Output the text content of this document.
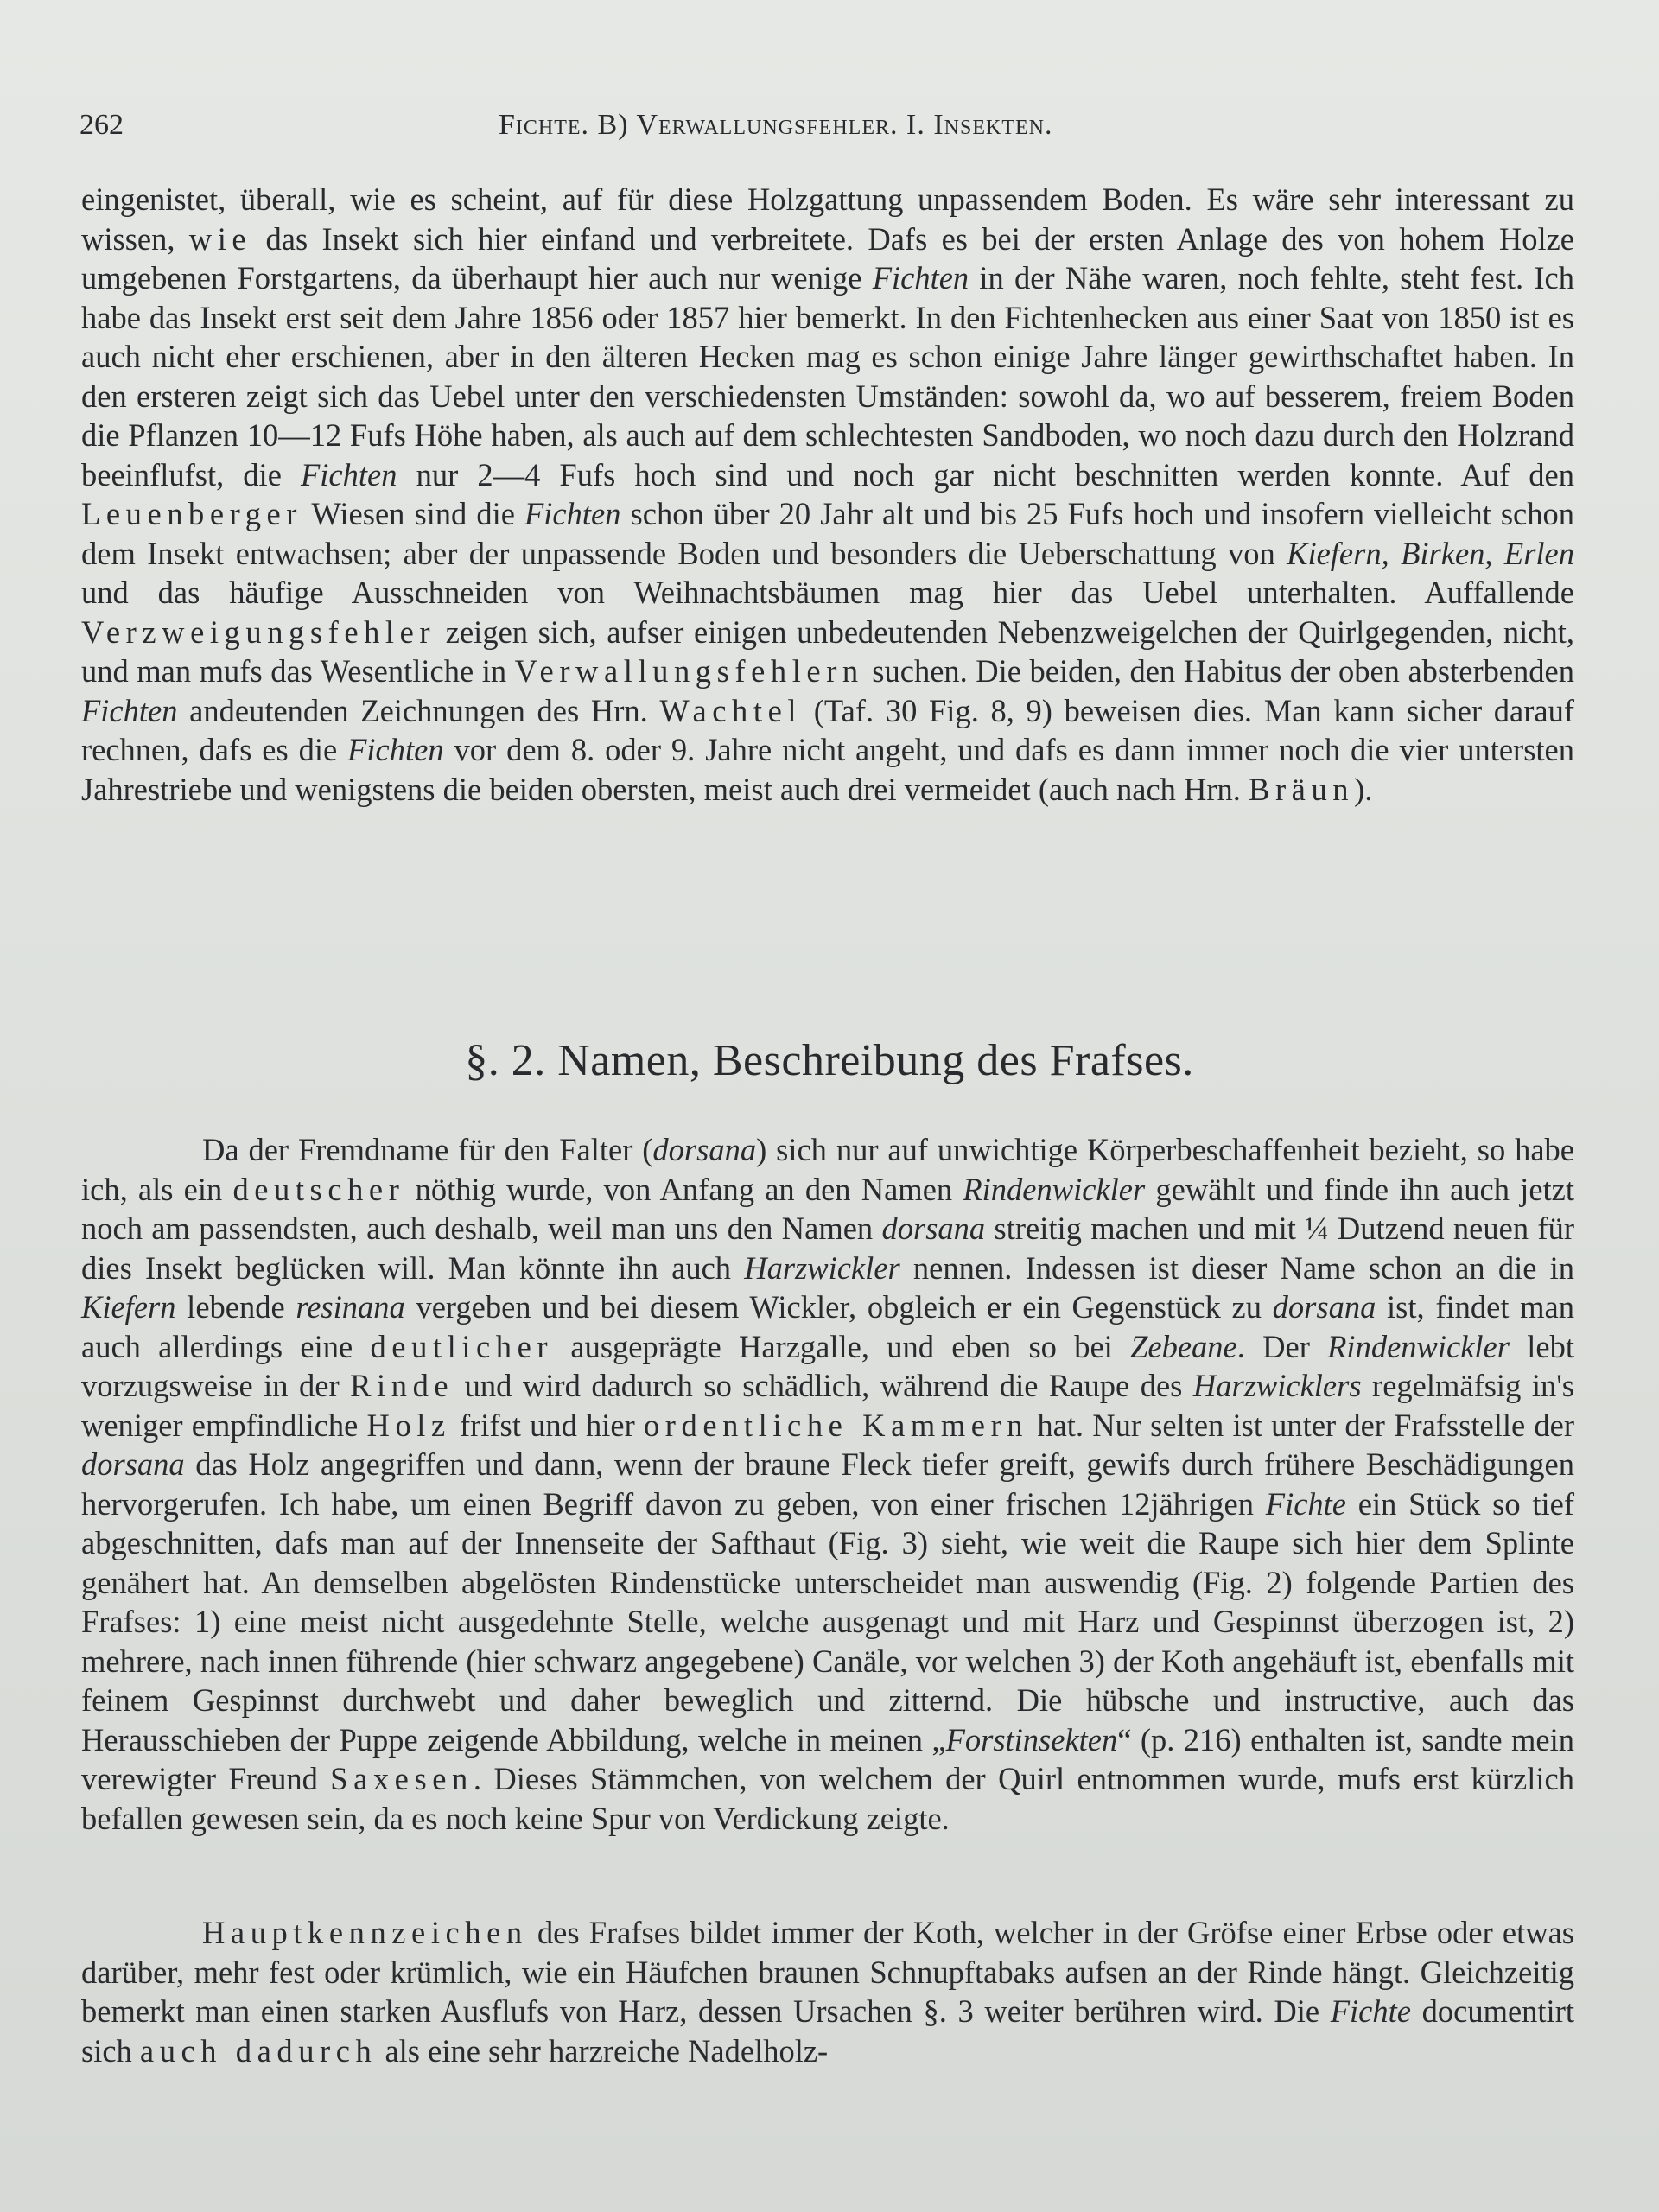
262	Fichte. B) Verwallungsfehler. I. Insekten.
eingenistet, überall, wie es scheint, auf für diese Holzgattung unpassendem Boden. Es wäre sehr interessant zu wissen, wie das Insekt sich hier einfand und verbreitete. Dafs es bei der ersten Anlage des von hohem Holze umgebenen Forstgartens, da überhaupt hier auch nur wenige Fichten in der Nähe waren, noch fehlte, steht fest. Ich habe das Insekt erst seit dem Jahre 1856 oder 1857 hier bemerkt. In den Fichtenhecken aus einer Saat von 1850 ist es auch nicht eher erschienen, aber in den älteren Hecken mag es schon einige Jahre länger gewirthschaftet haben. In den ersteren zeigt sich das Uebel unter den verschiedensten Umständen: sowohl da, wo auf besserem, freiem Boden die Pflanzen 10—12 Fufs Höhe haben, als auch auf dem schlechtesten Sandboden, wo noch dazu durch den Holzrand beeinflufst, die Fichten nur 2—4 Fufs hoch sind und noch gar nicht beschnitten werden konnte. Auf den Leuenberger Wiesen sind die Fichten schon über 20 Jahr alt und bis 25 Fufs hoch und insofern vielleicht schon dem Insekt entwachsen; aber der unpassende Boden und besonders die Ueberschattung von Kiefern, Birken, Erlen und das häufige Ausschneiden von Weihnachtsbäumen mag hier das Uebel unterhalten. Auffallende Verzweigungsfehler zeigen sich, aufser einigen unbedeutenden Nebenzweigelchen der Quirlgegenden, nicht, und man mufs das Wesentliche in Verwallungsfehlern suchen. Die beiden, den Habitus der oben absterbenden Fichten andeutenden Zeichnungen des Hrn. Wachtel (Taf. 30 Fig. 8, 9) beweisen dies. Man kann sicher darauf rechnen, dafs es die Fichten vor dem 8. oder 9. Jahre nicht angeht, und dafs es dann immer noch die vier untersten Jahrestriebe und wenigstens die beiden obersten, meist auch drei vermeidet (auch nach Hrn. Bräun).
§. 2. Namen, Beschreibung des Frafses.
Da der Fremdname für den Falter (dorsana) sich nur auf unwichtige Körperbeschaffenheit bezieht, so habe ich, als ein deutscher nöthig wurde, von Anfang an den Namen Rindenwickler gewählt und finde ihn auch jetzt noch am passendsten, auch deshalb, weil man uns den Namen dorsana streitig machen und mit ¼ Dutzend neuen für dies Insekt beglücken will. Man könnte ihn auch Harzwickler nennen. Indessen ist dieser Name schon an die in Kiefern lebende resinana vergeben und bei diesem Wickler, obgleich er ein Gegenstück zu dorsana ist, findet man auch allerdings eine deutlicher ausgeprägte Harzgalle, und eben so bei Zebeane. Der Rindenwickler lebt vorzugsweise in der Rinde und wird dadurch so schädlich, während die Raupe des Harzwicklers regelmäfsig in's weniger empfindliche Holz frifst und hier ordentliche Kammern hat. Nur selten ist unter der Frafsstelle der dorsana das Holz angegriffen und dann, wenn der braune Fleck tiefer greift, gewifs durch frühere Beschädigungen hervorgerufen. Ich habe, um einen Begriff davon zu geben, von einer frischen 12jährigen Fichte ein Stück so tief abgeschnitten, dafs man auf der Innenseite der Safthaut (Fig. 3) sieht, wie weit die Raupe sich hier dem Splinte genähert hat. An demselben abgelösten Rindenstücke unterscheidet man auswendig (Fig. 2) folgende Partien des Frafses: 1) eine meist nicht ausgedehnte Stelle, welche ausgenagt und mit Harz und Gespinnst überzogen ist, 2) mehrere, nach innen führende (hier schwarz angegebene) Canäle, vor welchen 3) der Koth angehäuft ist, ebenfalls mit feinem Gespinnst durchwebt und daher beweglich und zitternd. Die hübsche und instructive, auch das Herausschieben der Puppe zeigende Abbildung, welche in meinen „Forstinsekten“ (p. 216) enthalten ist, sandte mein verewigter Freund Saxesen. Dieses Stämmchen, von welchem der Quirl entnommen wurde, mufs erst kürzlich befallen gewesen sein, da es noch keine Spur von Verdickung zeigte.
Hauptkennzeichen des Frafses bildet immer der Koth, welcher in der Gröfse einer Erbse oder etwas darüber, mehr fest oder krümlich, wie ein Häufchen braunen Schnupftabaks aufsen an der Rinde hängt. Gleichzeitig bemerkt man einen starken Ausflufs von Harz, dessen Ursachen §. 3 weiter berühren wird. Die Fichte documentirt sich auch dadurch als eine sehr harzreiche Nadelholz-
